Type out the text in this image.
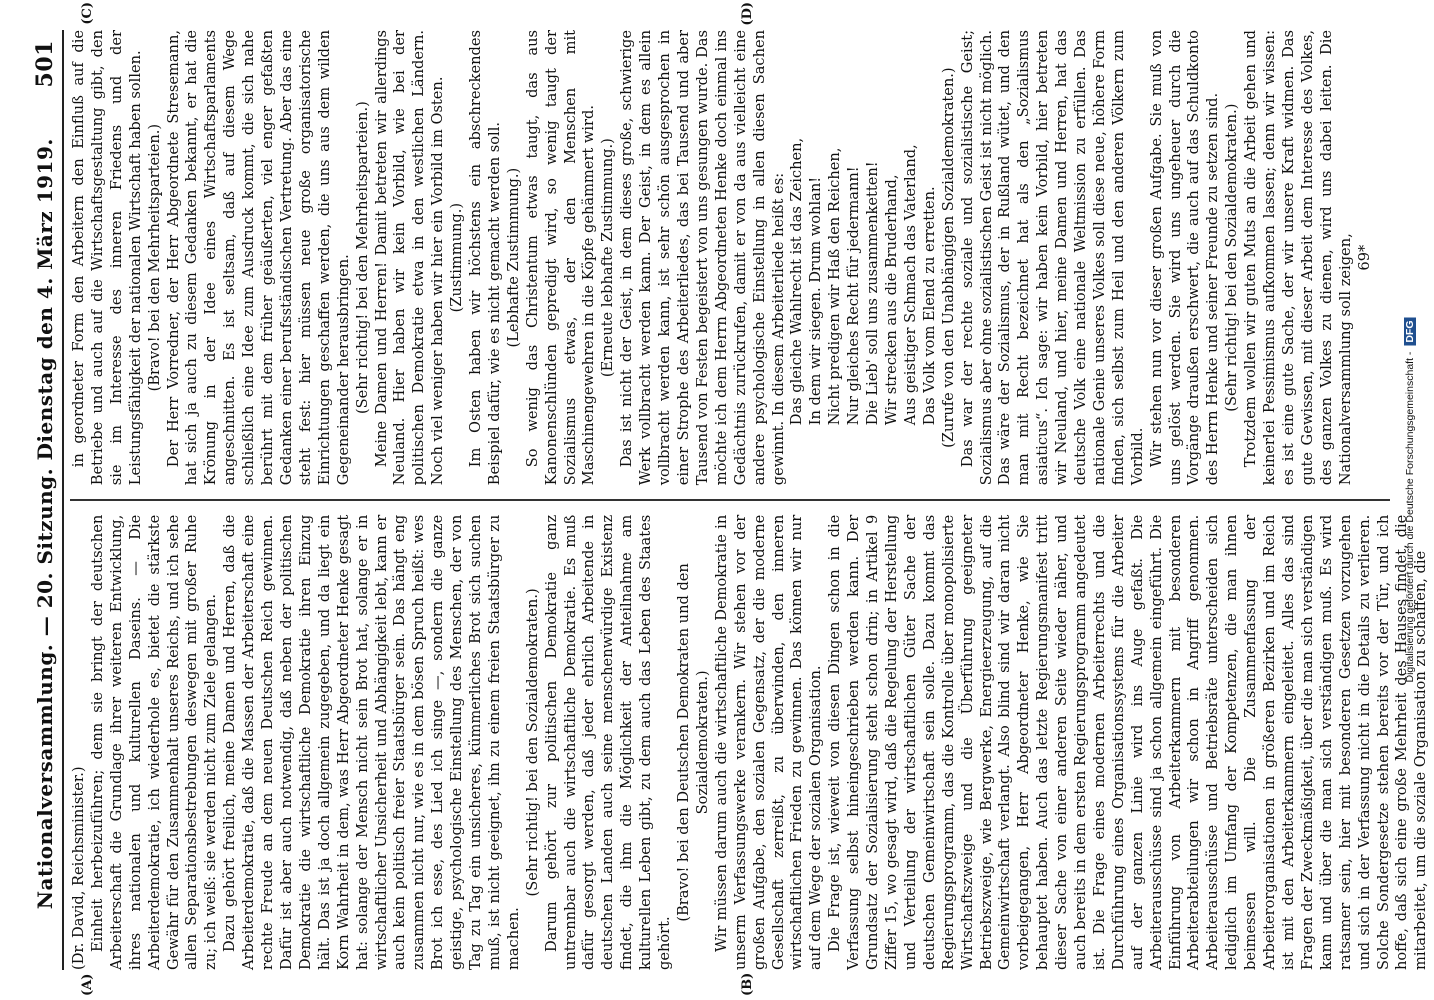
Nationalversammlung. — 20. Sitzung. Dienstag den 4. März 1919.
501

(Dr. David, Reichsminister.) Einheit herbeizuführen; denn sie bringt der deutschen Arbeiterschaft die Grundlage ihrer weiteren Entwicklung, ihres nationalen und kulturellen Daseins. — Die Arbeiterdemokratie, ich wiederhole es, bietet die stärkste Gewähr für den Zusammenhalt unseres Reichs, und ich sehe allen Separationsbestrebungen deswegen mit großer Ruhe zu; ich weiß: sie werden nicht zum Ziele gelangen. Dazu gehört freilich, meine Damen und Herren, daß die Arbeiterdemokratie, daß die Massen der Arbeiterschaft eine rechte Freude an dem neuen Deutschen Reich gewinnen. Dafür ist aber auch notwendig, daß neben der politischen Demokratie die wirtschaftliche Demokratie ihren Einzug hält. Das ist ja doch allgemein zugegeben, und da liegt ein Korn Wahrheit in dem, was Herr Abgeordneter Henke gesagt hat: solange der Mensch nicht sein Brot hat, solange er in wirtschaftlicher Unsicherheit und Abhängigkeit lebt, kann er auch kein politisch freier Staatsbürger sein. Das hängt eng zusammen nicht nur, wie es in dem bösen Spruch heißt: wes Brot ich esse, des Lied ich singe —, sondern die ganze geistige, psychologische Einstellung des Menschen, der von Tag zu Tag ein unsicheres, kümmerliches Brot sich suchen muß, ist nicht geeignet, ihn zu einem freien Staatsbürger zu machen.

(Sehr richtig! bei den Sozialdemokraten.) Darum gehört zur politischen Demokratie ganz untrennbar auch die wirtschaftliche Demokratie. Es muß dafür gesorgt werden, daß jeder ehrlich Arbeitende in deutschen Landen auch seine menschenwürdige Existenz findet, die ihm die Möglichkeit der Anteilnahme am kulturellen Leben gibt, zu dem auch das Leben des Staates gehört.

(Bravo! bei den Deutschen Demokraten und den Sozialdemokraten.) Wir müssen darum auch die wirtschaftliche Demokratie in unserm Verfassungswerke verankern. Wir stehen vor der großen Aufgabe, den sozialen Gegensatz, der die moderne Gesellschaft zerreißt, zu überwinden, den inneren wirtschaftlichen Frieden zu gewinnen. Das können wir nur auf dem Wege der sozialen Organisation. Die Frage ist, wieweit von diesen Dingen schon in die Verfassung selbst hineingeschrieben werden kann. Der Grundsatz der Sozialisierung steht schon drin; in Artikel 9 Ziffer 15, wo gesagt wird, daß die Regelung der Herstellung und Verteilung der wirtschaftlichen Güter Sache der deutschen Gemeinwirtschaft sein solle. Dazu kommt das Regierungsprogramm, das die Kontrolle über monopolisierte Wirtschaftszweige und die Überführung geeigneter Betriebszweige, wie Bergwerke, Energieerzeugung, auf die Gemeinwirtschaft verlangt. Also blind sind wir daran nicht vorbeigegangen, Herr Abgeordneter Henke, wie Sie behauptet haben. Auch das letzte Regierungsmanifest tritt dieser Sache von einer anderen Seite wieder näher, und auch bereits in dem ersten Regierungsprogramm angedeutet ist. Die Frage eines modernen Arbeiterrechts und die Durchführung eines Organisationssystems für die Arbeiter auf der ganzen Linie wird ins Auge gefaßt. Die Arbeiterausschüsse sind ja schon allgemein eingeführt. Die Einführung von Arbeiterkammern mit besonderen Arbeiterabteilungen wir schon in Angriff genommen. Arbeiterausschüsse und Betriebsräte unterscheiden sich lediglich im Umfang der Kompetenzen, die man ihnen beimessen will. Die Zusammenfassung der Arbeiterorganisationen in größeren Bezirken und im Reich ist mit den Arbeiterkammern eingeleitet. Alles das sind Fragen der Zweckmäßigkeit, über die man sich verständigen kann und über die man sich verständigen muß. Es wird ratsamer sein, hier mit besonderen Gesetzen vorzugehen und sich in der Verfassung nicht in die Details zu verlieren. Solche Sondergesetze stehen bereits vor der Tür, und ich hoffe, daß sich eine große Mehrheit des Hauses findet, die mitarbeitet, um die soziale Organisation zu schaffen, die

in geordneter Form den Arbeitern den Einfluß auf die Betriebe und auch auf die Wirtschaftsgestaltung gibt, den sie im Interesse des inneren Friedens und der Leistungsfähigkeit der nationalen Wirtschaft haben sollen. (Bravo! bei den Mehrheitsparteien.) Der Herr Vorredner, der Herr Abgeordnete Stresemann, hat sich ja auch zu diesem Gedanken bekannt, er hat die Krönung in der Idee eines Wirtschaftsparlaments angeschnitten. Es ist seltsam, daß auf diesem Wege schließlich eine Idee zum Ausdruck kommt, die sich nahe berührt mit dem früher geäußerten, viel enger gefaßten Gedanken einer berufsständischen Vertretung. Aber das eine steht fest: hier müssen neue große organisatorische Einrichtungen geschaffen werden, die uns aus dem wilden Gegeneinander herausbringen. (Sehr richtig! bei den Mehrheitsparteien.) Meine Damen und Herren! Damit betreten wir allerdings Neuland. Hier haben wir kein Vorbild, wie bei der politischen Demokratie etwa in den westlichen Ländern. Noch viel weniger haben wir hier ein Vorbild im Osten. (Zustimmung.) Im Osten haben wir höchstens ein abschreckendes Beispiel dafür, wie es nicht gemacht werden soll. (Lebhafte Zustimmung.) So wenig das Christentum etwas taugt, das aus Kanonenschlünden gepredigt wird, so wenig taugt der Sozialismus etwas, der den Menschen mit Maschinengewehren in die Köpfe gehämmert wird. (Erneute lebhafte Zustimmung.) Das ist nicht der Geist, in dem dieses große, schwierige Werk vollbracht werden kann. Der Geist, in dem es allein vollbracht werden kann, ist sehr schön ausgesprochen in einer Strophe des Arbeiterliedes, das bei Tausend und aber Tausend von Festen begeistert von uns gesungen wurde. Das möchte ich dem Herrn Abgeordneten Henke doch einmal ins Gedächtnis zurückrufen, damit er von da aus vielleicht eine andere psychologische Einstellung in allen diesen Sachen gewinnt. In diesem Arbeiterliede heißt es: Das gleiche Wahlrecht ist das Zeichen, In dem wir siegen. Drum wohlan! Nicht predigen wir Haß den Reichen, Nur gleiches Recht für jedermann! Die Lieb' soll uns zusammenketten! Wir strecken aus die Bruderhand, Aus geistiger Schmach das Vaterland, Das Volk vom Elend zu erretten. (Zurufe von den Unabhängigen Sozialdemokraten.) Das war der rechte soziale und sozialistische Geist; Sozialismus aber ohne sozialistischen Geist ist nicht möglich. Das wäre der Sozialismus, der in Rußland wütet, und den man mit Recht bezeichnet hat als den „Sozialismus asiaticus“. Ich sage: wir haben kein Vorbild, hier betreten wir Neuland, und hier, meine Damen und Herren, hat das deutsche Volk eine nationale Weltmission zu erfüllen. Das nationale Genie unseres Volkes soll diese neue, höhere Form finden, sich selbst zum Heil und den anderen Völkern zum Vorbild. Wir stehen nun vor dieser großen Aufgabe. Sie muß von uns gelöst werden. Sie wird uns ungeheuer durch die Vorgänge draußen erschwert, die auch auf das Schuldkonto des Herrn Henke und seiner Freunde zu setzen sind. (Sehr richtig! bei den Sozialdemokraten.) Trotzdem wollen wir guten Muts an die Arbeit gehen und keinerlei Pessimismus aufkommen lassen; denn wir wissen: es ist eine gute Sache, der wir unsere Kraft widmen. Das gute Gewissen, mit dieser Arbeit dem Interesse des Volkes, des ganzen Volkes zu dienen, wird uns dabei leiten. Die Nationalversammlung soll zeigen, 69*

(A)	(B)
(C)	(D)
Digitalisierung gefördert durch die Deutsche Forschungsgemeinschaft - DFG
